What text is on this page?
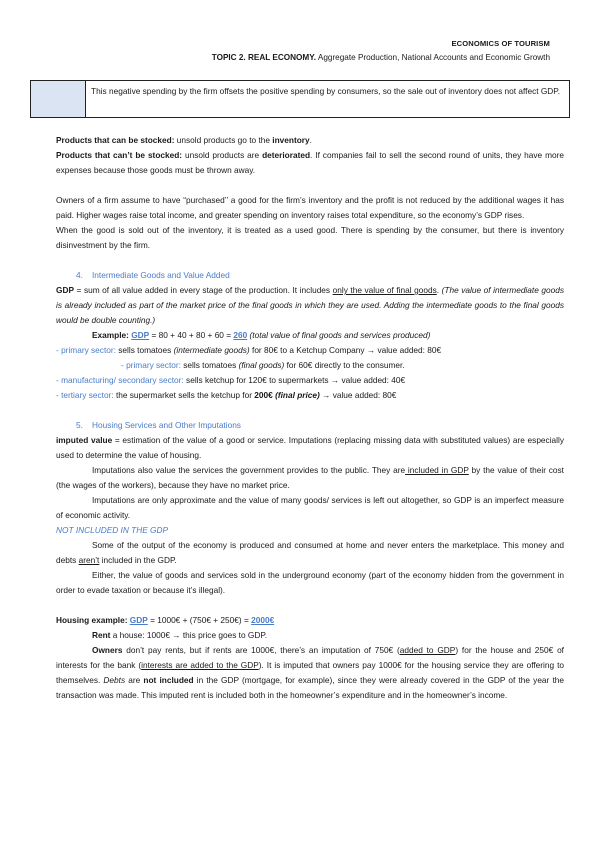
ECONOMICS OF TOURISM
TOPIC 2. REAL ECONOMY. Aggregate Production, National Accounts and Economic Growth
This negative spending by the firm offsets the positive spending by consumers, so the sale out of inventory does not affect GDP.

Products that can be stocked: unsold products go to the inventory.

Products that can’t be stocked: unsold products are deteriorated. If companies fail to sell the second round of units, they have more expenses because those goods must be thrown away.

Owners of a firm assume to have “purchased’’ a good for the firm’s inventory and the profit is not reduced by the additional wages it has paid. Higher wages raise total income, and greater spending on inventory raises total expenditure, so the economy’s GDP rises.

When the good is sold out of the inventory, it is treated as a used good. There is spending by the consumer, but there is inventory disinvestment by the firm.

4. Intermediate Goods and Value Added

GDP = sum of all value added in every stage of the production. It includes only the value of final goods. (The value of intermediate goods is already included as part of the market price of the final goods in which they are used. Adding the intermediate goods to the final goods would be double counting.)

Example: GDP = 80 + 40 + 80 + 60 = 260 (total value of final goods and services produced)

- primary sector: sells tomatoes (intermediate goods) for 80€ to a Ketchup Company → value added: 80€

- primary sector: sells tomatoes (final goods) for 60€ directly to the consumer.

- manufacturing/ secondary sector: sells ketchup for 120€ to supermarkets → value added: 40€

- tertiary sector: the supermarket sells the ketchup for 200€ (final price) → value added: 80€

5. Housing Services and Other Imputations

imputed value = estimation of the value of a good or service. Imputations (replacing missing data with substituted values) are especially used to determine the value of housing.

Imputations also value the services the government provides to the public. They are included in GDP by the value of their cost (the wages of the workers), because they have no market price.

Imputations are only approximate and the value of many goods/ services is left out altogether, so GDP is an imperfect measure of economic activity.

NOT INCLUDED IN THE GDP

Some of the output of the economy is produced and consumed at home and never enters the marketplace. This money and debts aren’t included in the GDP.

Either, the value of goods and services sold in the underground economy (part of the economy hidden from the government in order to evade taxation or because it’s illegal).

Housing example: GDP = 1000€ + (750€ + 250€) = 2000€

Rent a house: 1000€ → this price goes to GDP.

Owners don’t pay rents, but if rents are 1000€, there’s an imputation of 750€ (added to GDP) for the house and 250€ of interests for the bank (interests are added to the GDP). It is imputed that owners pay 1000€ for the housing service they are offering to themselves. Debts are not included in the GDP (mortgage, for example), since they were already covered in the GDP of the year the transaction was made. This imputed rent is included both in the homeowner’s expenditure and in the homeowner’s income.
